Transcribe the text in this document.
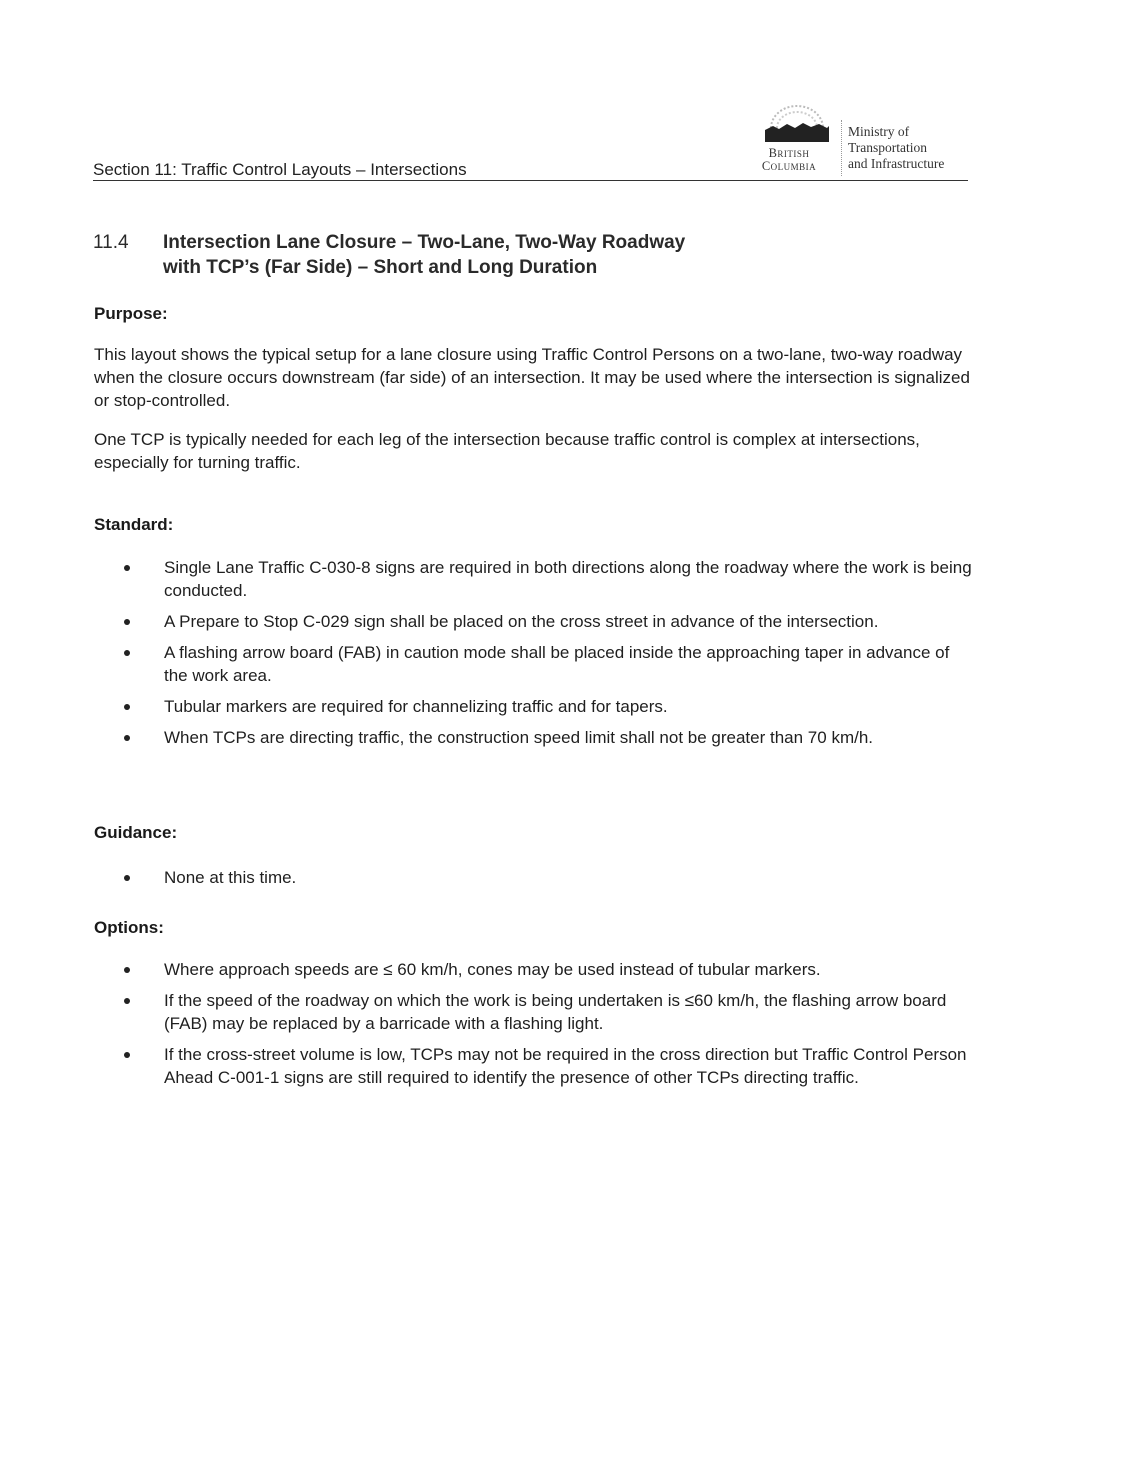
Section 11: Traffic Control Layouts – Intersections
British
Columbia
Ministry of
Transportation
and Infrastructure
11.4 Intersection Lane Closure – Two-Lane, Two-Way Roadway
with TCP’s (Far Side) – Short and Long Duration
Purpose:
This layout shows the typical setup for a lane closure using Traffic Control Persons on a two-lane, two-way roadway when the closure occurs downstream (far side) of an intersection. It may be used where the intersection is signalized or stop-controlled.
One TCP is typically needed for each leg of the intersection because traffic control is complex at intersections, especially for turning traffic.
Standard:
Single Lane Traffic C-030-8 signs are required in both directions along the roadway where the work is being conducted.
A Prepare to Stop C-029 sign shall be placed on the cross street in advance of the intersection.
A flashing arrow board (FAB) in caution mode shall be placed inside the approaching taper in advance of the work area.
Tubular markers are required for channelizing traffic and for tapers.
When TCPs are directing traffic, the construction speed limit shall not be greater than 70 km/h.
Guidance:
None at this time.
Options:
Where approach speeds are ≤ 60 km/h, cones may be used instead of tubular markers.
If the speed of the roadway on which the work is being undertaken is ≤60 km/h, the flashing arrow board (FAB) may be replaced by a barricade with a flashing light.
If the cross-street volume is low, TCPs may not be required in the cross direction but Traffic Control Person Ahead C-001-1 signs are still required to identify the presence of other TCPs directing traffic.
